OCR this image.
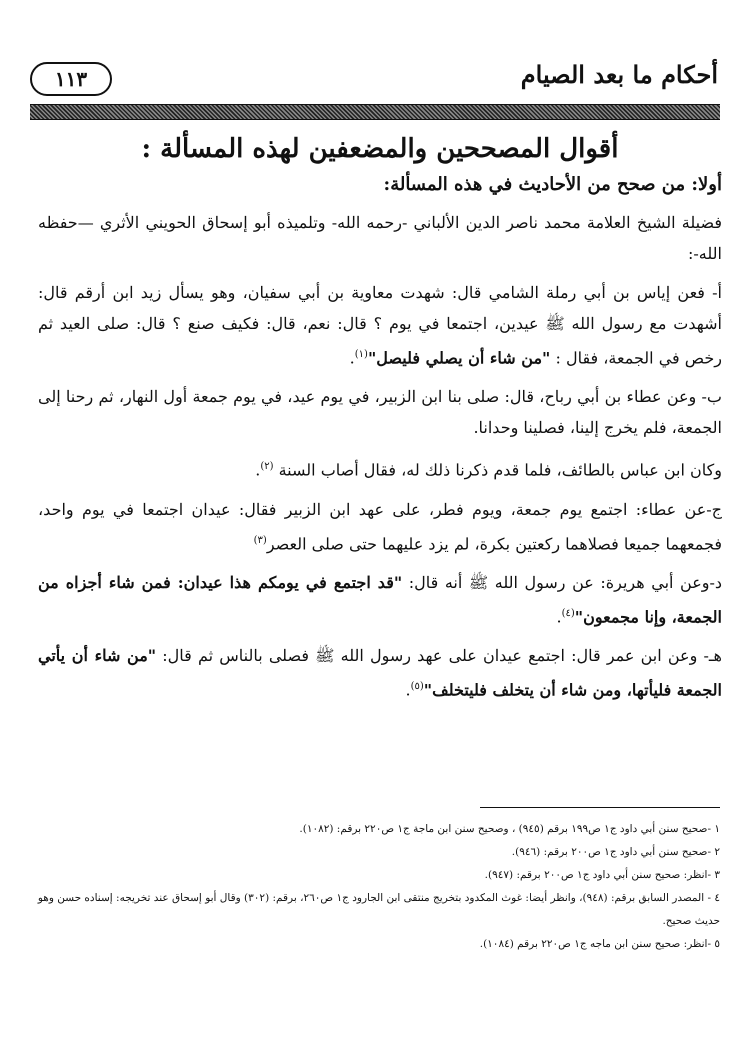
١١٣	أحكام ما بعد الصيام
أقوال المصححين والمضعفين لهذه المسألة :
أولا: من صحح من الأحاديث في هذه المسألة:

فضيلة الشيخ العلامة محمد ناصر الدين الألباني -رحمه الله- وتلميذه أبو إسحاق الحويني الأثري —حفظه الله-:

أ- فعن إياس بن أبي رملة الشامي قال: شهدت معاوية بن أبي سفيان، وهو يسأل زيد ابن أرقم قال: أشهدت مع رسول الله ﷺ عيدين، اجتمعا في يوم ؟ قال: نعم، قال: فكيف صنع ؟ قال: صلى العيد ثم رخص في الجمعة، فقال : "من شاء أن يصلي فليصل"$^{(١)}$.

ب- وعن عطاء بن أبي رباح، قال: صلى بنا ابن الزبير، في يوم عيد، في يوم جمعة أول النهار، ثم رحنا إلى الجمعة، فلم يخرج إلينا، فصلينا وحدانا.

وكان ابن عباس بالطائف، فلما قدم ذكرنا ذلك له، فقال أصاب السنة $^{(٢)}$.

ج-عن عطاء: اجتمع يوم جمعة، ويوم فطر، على عهد ابن الزبير فقال: عيدان اجتمعا في يوم واحد، فجمعهما جميعا فصلاهما ركعتين بكرة، لم يزد عليهما حتى صلى العصر$^{(٣)}$

د-وعن أبي هريرة: عن رسول الله ﷺ أنه قال: "قد اجتمع في يومكم هذا عيدان: فمن شاء أجزاه من الجمعة، وإنا مجمعون"$^{(٤)}$.

هـ- وعن ابن عمر قال: اجتمع عيدان على عهد رسول الله ﷺ فصلى بالناس ثم قال: "من شاء أن يأتي الجمعة فليأتها، ومن شاء أن يتخلف فليتخلف"$^{(٥)}$.

١ -صحيح سنن أبي داود ج١ ص١٩٩ برقم (٩٤٥) ، وصحيح سنن ابن ماجة ج١ ص٢٢٠ برقم: (١٠٨٢).

٢ -صحيح سنن أبي داود ج١ ص٢٠٠ برقم: (٩٤٦).

٣ -انظر: صحيح سنن أبي داود ج١ ص٢٠٠ برقم: (٩٤٧).

٤ - المصدر السابق برقم: (٩٤٨)، وانظر أيضا: غوث المكدود بتخريج منتقى ابن الجارود ج١ ص٢٦٠، برقم: (٣٠٢) وقال أبو إسحاق عند تخريجه: إسناده حسن وهو حديث صحيح.

٥ -انظر: صحيح سنن ابن ماجه ج١ ص٢٢٠ برقم (١٠٨٤).
